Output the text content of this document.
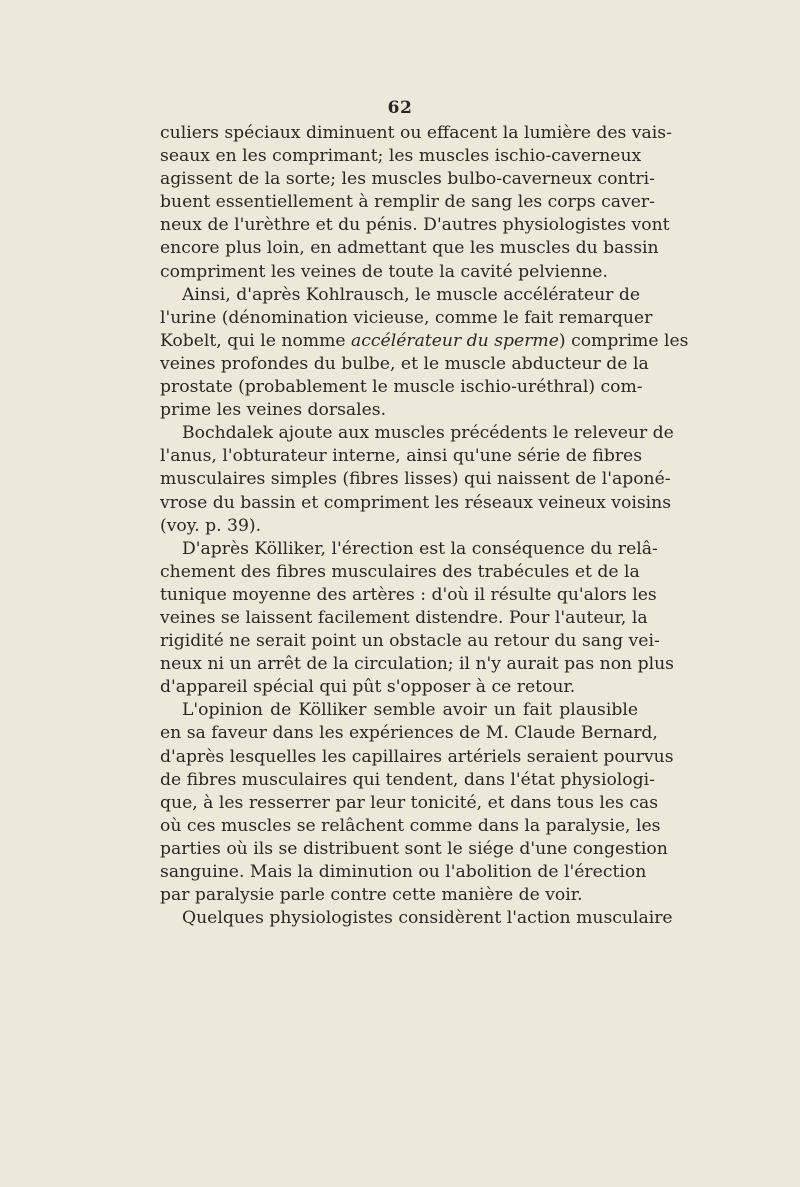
62
culiers spéciaux diminuent ou effacent la lumière des vais-
seaux en les comprimant; les muscles ischio-caverneux
agissent de la sorte; les muscles bulbo-caverneux contri-
buent essentiellement à remplir de sang les corps caver-
neux de l'urèthre et du pénis. D'autres physiologistes vont
encore plus loin, en admettant que les muscles du bassin
compriment les veines de toute la cavité pelvienne.
Ainsi, d'après Kohlrausch, le muscle accélérateur de
l'urine (dénomination vicieuse, comme le fait remarquer
Kobelt, qui le nomme accélérateur du sperme) comprime les
veines profondes du bulbe, et le muscle abducteur de la
prostate (probablement le muscle ischio-uréthral) com-
prime les veines dorsales.
Bochdalek ajoute aux muscles précédents le releveur de
l'anus, l'obturateur interne, ainsi qu'une série de fibres
musculaires simples (fibres lisses) qui naissent de l'aponé-
vrose du bassin et compriment les réseaux veineux voisins
(voy. p. 39).
D'après Kölliker, l'érection est la conséquence du relâ-
chement des fibres musculaires des trabécules et de la
tunique moyenne des artères : d'où il résulte qu'alors les
veines se laissent facilement distendre. Pour l'auteur, la
rigidité ne serait point un obstacle au retour du sang vei-
neux ni un arrêt de la circulation; il n'y aurait pas non plus
d'appareil spécial qui pût s'opposer à ce retour.
L'opinion de Kölliker semble avoir un fait plausible
en sa faveur dans les expériences de M. Claude Bernard,
d'après lesquelles les capillaires artériels seraient pourvus
de fibres musculaires qui tendent, dans l'état physiologi-
que, à les resserrer par leur tonicité, et dans tous les cas
où ces muscles se relâchent comme dans la paralysie, les
parties où ils se distribuent sont le siége d'une congestion
sanguine. Mais la diminution ou l'abolition de l'érection
par paralysie parle contre cette manière de voir.
Quelques physiologistes considèrent l'action musculaire
